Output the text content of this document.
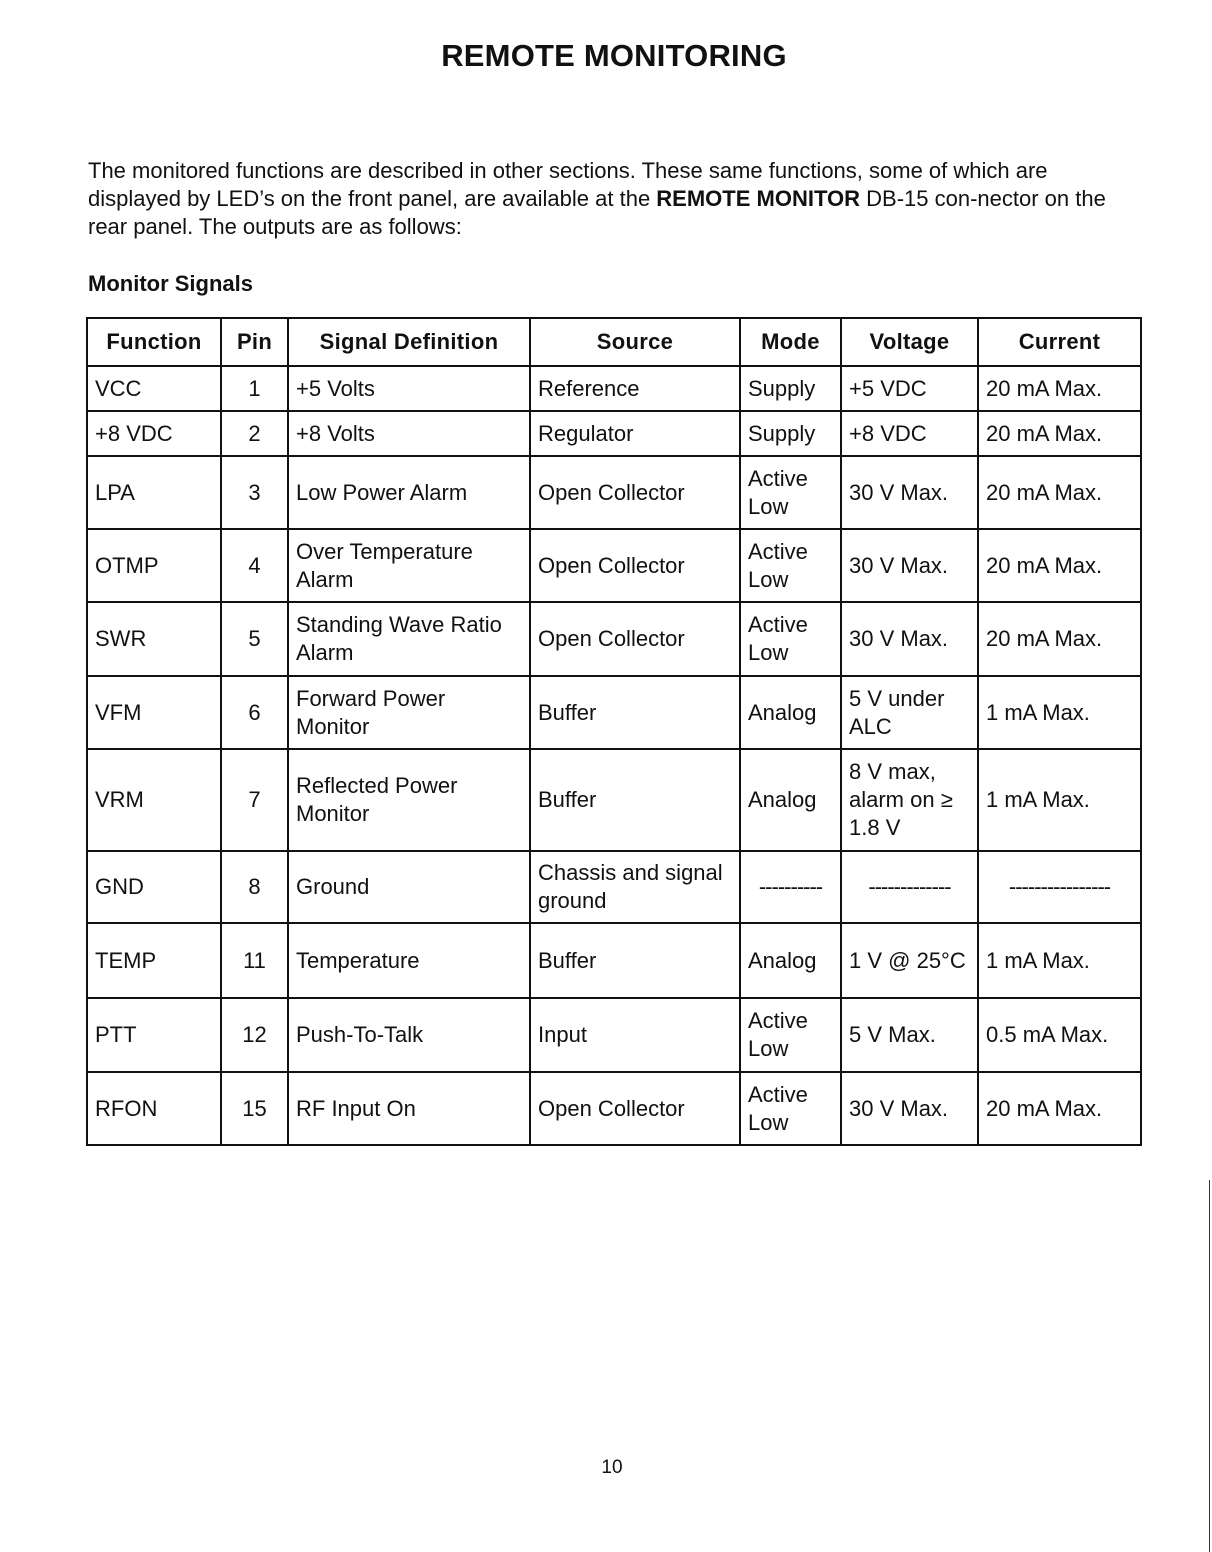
REMOTE MONITORING

The monitored functions are described in other sections. These same functions, some of which are displayed by LED’s on the front panel, are available at the REMOTE MONITOR DB-15 con-nector on the rear panel. The outputs are as follows:

Monitor Signals
Function	Pin	Signal Definition	Source	Mode	Voltage	Current
VCC	1	+5 Volts	Reference	Supply	+5 VDC	20 mA Max.
+8 VDC	2	+8 Volts	Regulator	Supply	+8 VDC	20 mA Max.
LPA	3	Low Power Alarm	Open Collector	Active Low	30 V Max.	20 mA Max.
OTMP	4	Over Temperature Alarm	Open Collector	Active Low	30 V Max.	20 mA Max.
SWR	5	Standing Wave Ratio Alarm	Open Collector	Active Low	30 V Max.	20 mA Max.
VFM	6	Forward Power Monitor	Buffer	Analog	5 V under ALC	1 mA Max.
VRM	7	Reflected Power Monitor	Buffer	Analog	8 V max, alarm on ≥ 1.8 V	1 mA Max.
GND	8	Ground	Chassis and signal ground	----------	-------------	----------------
TEMP	11	Temperature	Buffer	Analog	1 V @ 25°C	1 mA Max.
PTT	12	Push-To-Talk	Input	Active Low	5 V Max.	0.5 mA Max.
RFON	15	RF Input On	Open Collector	Active Low	30 V Max.	20 mA Max.
10
